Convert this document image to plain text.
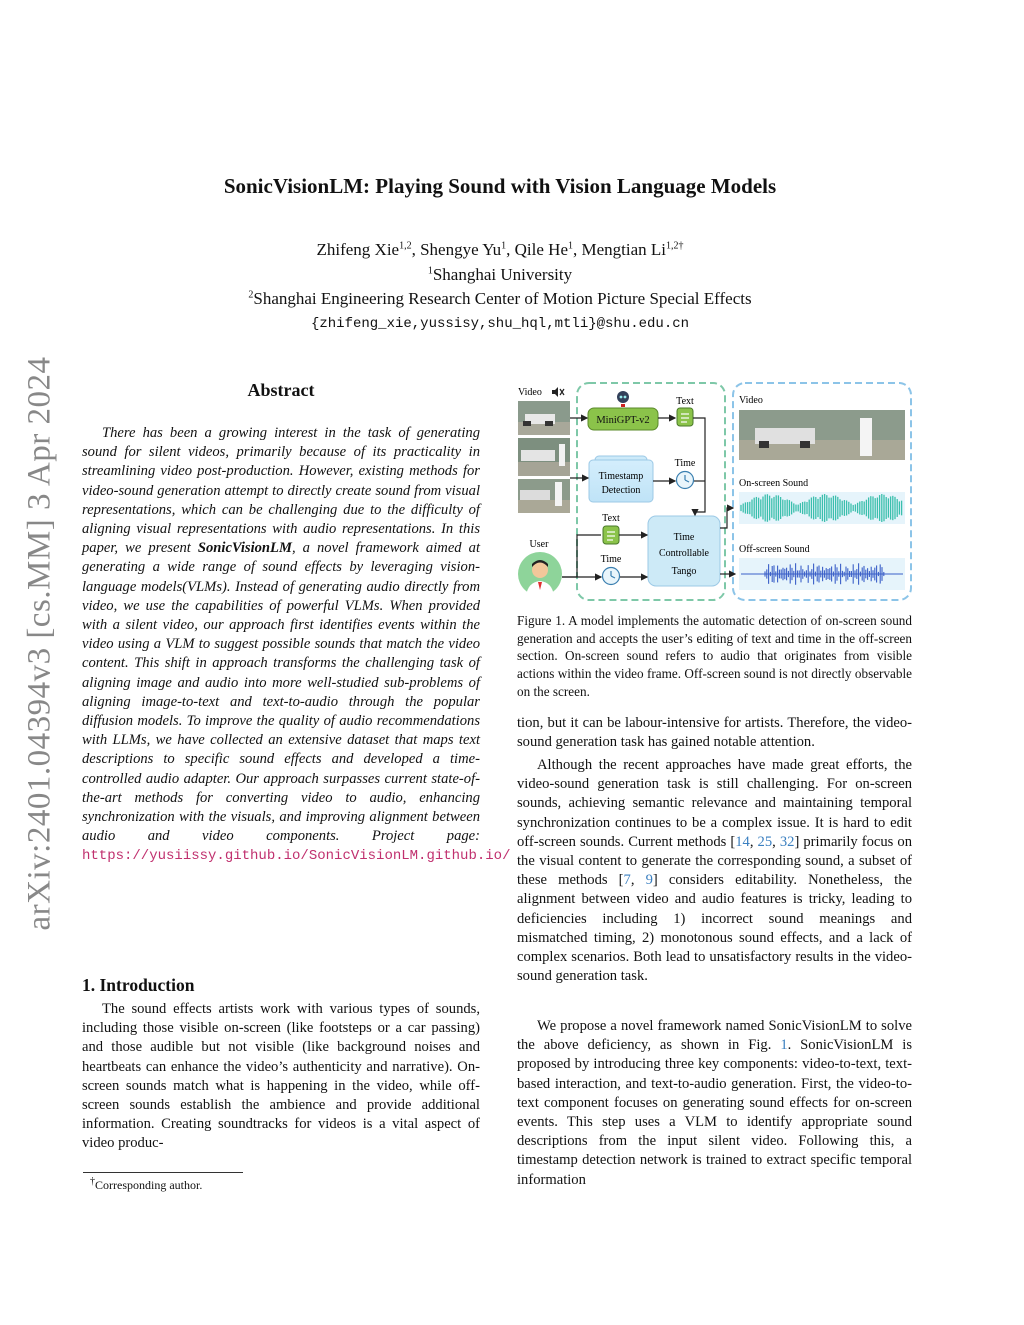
arXiv:2401.04394v3 [cs.MM] 3 Apr 2024
SonicVisionLM: Playing Sound with Vision Language Models
Zhifeng Xie$^{1,2}$, Shengye Yu$^1$, Qile He$^1$, Mengtian $Li^{1,2\dagger}$
$^1$Shanghai University
$^2$Shanghai Engineering Research Center of Motion Picture Special Effects
{zhifeng_xie,yussisy,shu_hql,mtli}@shu.edu.cn
Abstract
There has been a growing interest in the task of generating sound for silent videos, primarily because of its practicality in streamlining video post-production. However, existing methods for video-sound generation attempt to directly create sound from visual representations, which can be challenging due to the difficulty of aligning visual representations with audio representations. In this paper, we present SonicVisionLM, a novel framework aimed at generating a wide range of sound effects by leveraging vision-language models(VLMs). Instead of generating audio directly from video, we use the capabilities of powerful VLMs. When provided with a silent video, our approach first identifies events within the video using a VLM to suggest possible sounds that match the video content. This shift in approach transforms the challenging task of aligning image and audio into more well-studied sub-problems of aligning image-to-text and text-to-audio through the popular diffusion models. To improve the quality of audio recommendations with LLMs, we have collected an extensive dataset that maps text descriptions to specific sound effects and developed a time-controlled audio adapter. Our approach surpasses current state-of-the-art methods for converting video to audio, enhancing synchronization with the visuals, and improving alignment between audio and video components. Project page: https://yusiissy.github.io/SonicVisionLM.github.io/
1. Introduction
The sound effects artists work with various types of sounds, including those visible on-screen (like footsteps or a car passing) and those audible but not visible (like background noises and heartbeats can enhance the video’s authenticity and narrative). On-screen sounds match what is happening in the video, while off-screen sounds establish the ambience and provide additional information. Creating soundtracks for videos is a vital aspect of video produc-
†Corresponding author.
Video
MiniGPT-v2
Text
Timestamp
Detection
Time
Text
Time
Time
Controllable
Tango
User
Video
On-screen Sound
Off-screen Sound
Figure 1. A model implements the automatic detection of on-screen sound generation and accepts the user’s editing of text and time in the off-screen section. On-screen sound refers to audio that originates from visible actions within the video frame. Off-screen sound is not directly observable on the screen.
tion, but it can be labour-intensive for artists. Therefore, the video-sound generation task has gained notable attention.
Although the recent approaches have made great efforts, the video-sound generation task is still challenging. For on-screen sounds, achieving semantic relevance and maintaining temporal synchronization continues to be a complex issue. It is hard to edit off-screen sounds. Current methods [14, 25, 32] primarily focus on the visual content to generate the corresponding sound, a subset of these methods [7, 9] considers editability. Nonetheless, the alignment between video and audio features is tricky, leading to deficiencies including 1) incorrect sound meanings and mismatched timing, 2) monotonous sound effects, and a lack of complex scenarios. Both lead to unsatisfactory results in the video-sound generation task.
We propose a novel framework named SonicVisionLM to solve the above deficiency, as shown in Fig. 1. SonicVisionLM is proposed by introducing three key components: video-to-text, text-based interaction, and text-to-audio generation. First, the video-to-text component focuses on generating sound effects for on-screen events. This step uses a VLM to identify appropriate sound descriptions from the input silent video. Following this, a timestamp detection network is trained to extract specific temporal information
